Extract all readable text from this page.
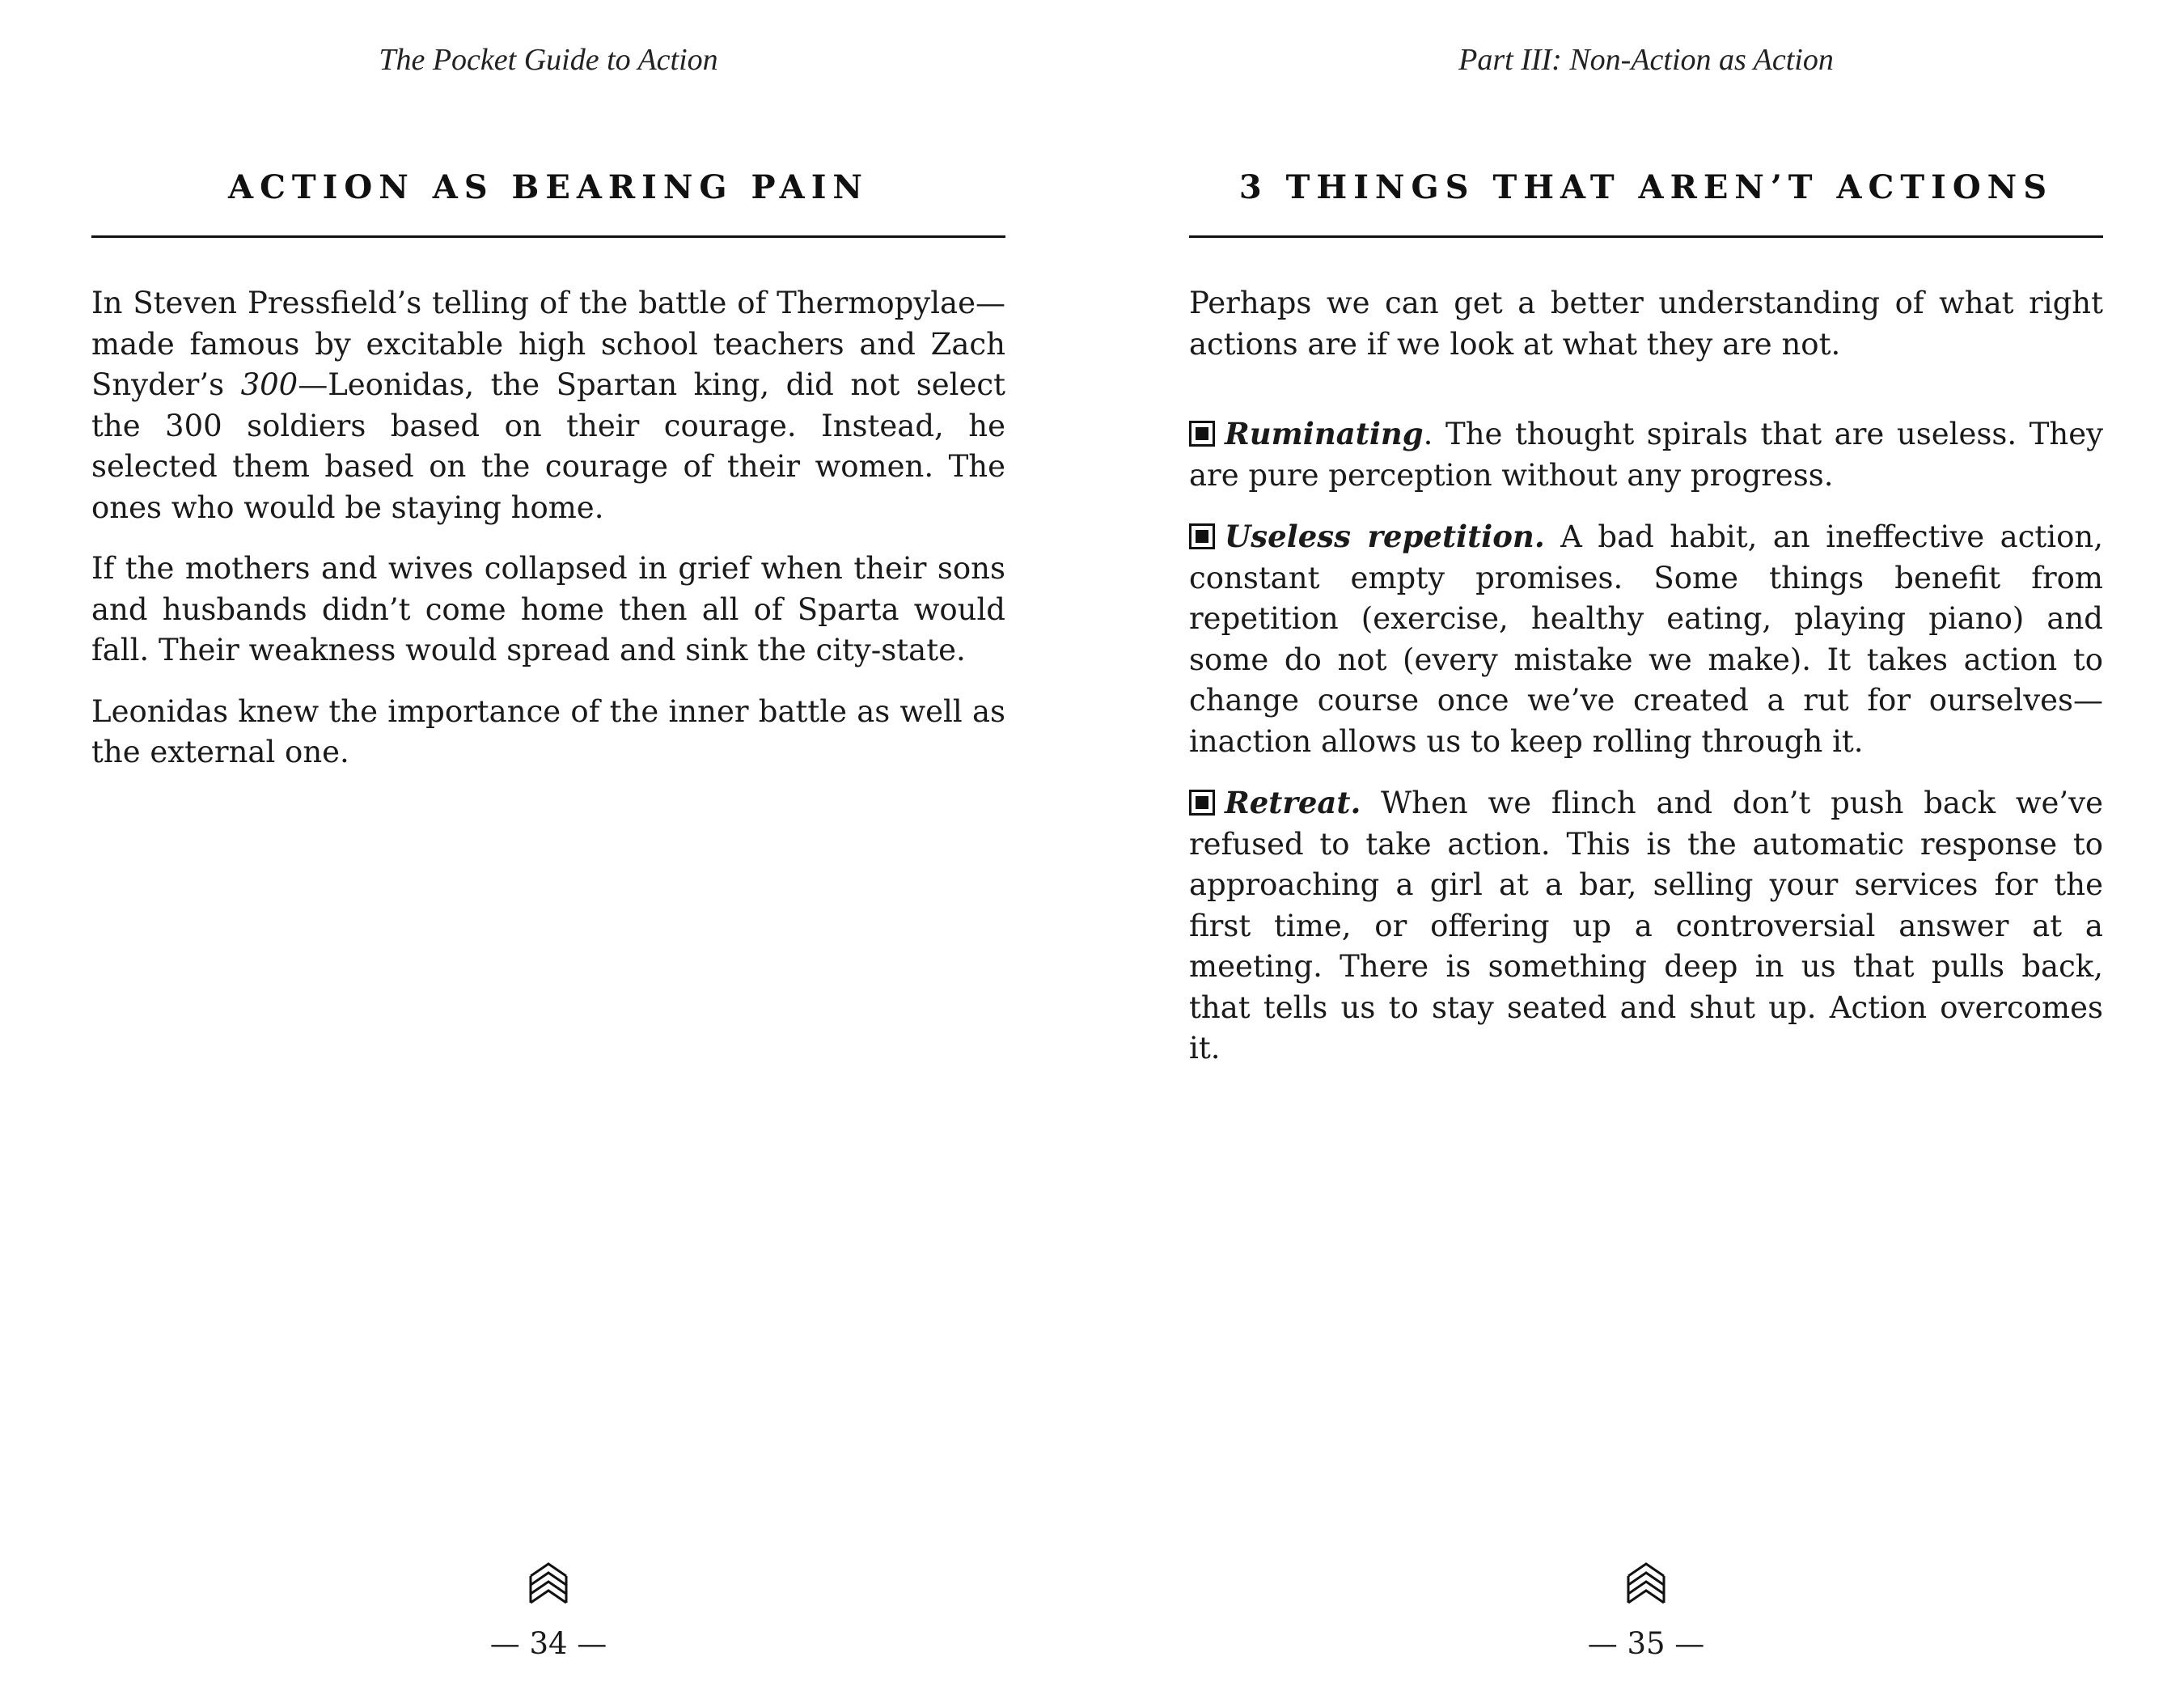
The Pocket Guide to Action
ACTION AS BEARING PAIN

In Steven Pressfield’s telling of the battle of Thermopylae—made famous by excitable high school teachers and Zach Snyder’s 300—Leonidas, the Spartan king, did not select the 300 soldiers based on their courage. Instead, he selected them based on the courage of their women. The ones who would be staying home.

If the mothers and wives collapsed in grief when their sons and husbands didn’t come home then all of Sparta would fall. Their weakness would spread and sink the city-state.

Leonidas knew the importance of the inner battle as well as the external one.

— 34 —
Part III: Non-Action as Action
3 THINGS THAT AREN’T ACTIONS

Perhaps we can get a better understanding of what right actions are if we look at what they are not.

Ruminating. The thought spirals that are useless. They are pure perception without any progress.

Useless repetition. A bad habit, an ineffective action, constant empty promises. Some things benefit from repetition (exercise, healthy eating, playing piano) and some do not (every mistake we make). It takes action to change course once we’ve created a rut for ourselves—inaction allows us to keep rolling through it.

Retreat. When we flinch and don’t push back we’ve refused to take action. This is the automatic response to approaching a girl at a bar, selling your services for the first time, or offering up a controversial answer at a meeting. There is something deep in us that pulls back, that tells us to stay seated and shut up. Action overcomes it.

— 35 —
